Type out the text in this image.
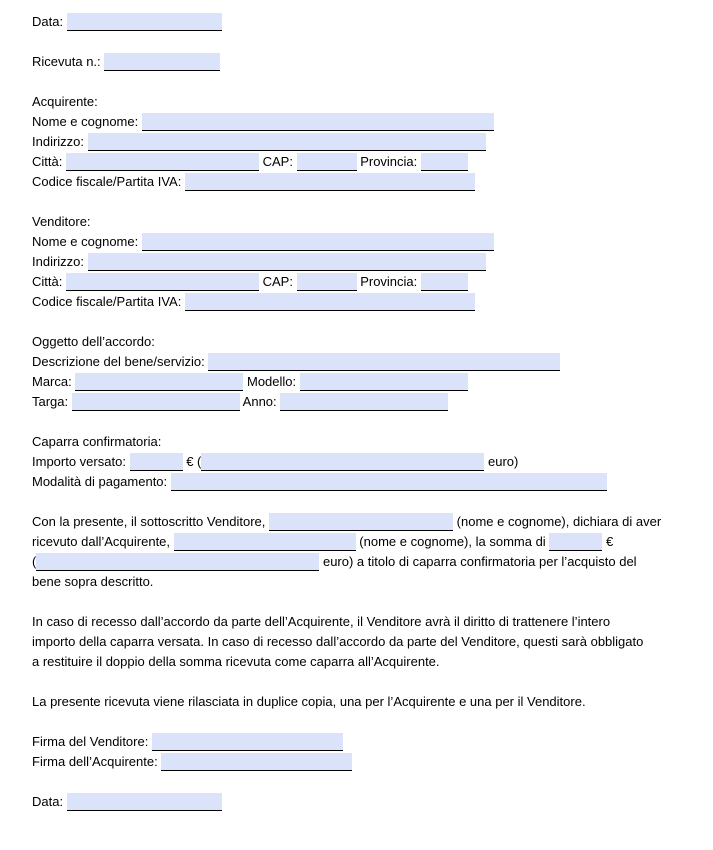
Data:
Ricevuta n.:
Acquirente:
Nome e cognome:
Indirizzo:
Città:	CAP:	Provincia:
Codice fiscale/Partita IVA:
Venditore:
Nome e cognome:
Indirizzo:
Città:	CAP:	Provincia:
Codice fiscale/Partita IVA:
Oggetto dell’accordo:
Descrizione del bene/servizio:
Marca:	Modello:
Targa:	Anno:
Caparra confirmatoria:
Importo versato:	€ (	euro)
Modalità di pagamento:
Con la presente, il sottoscritto Venditore,	(nome e cognome), dichiara di aver
ricevuto dall’Acquirente,	(nome e cognome), la somma di	€
(	euro) a titolo di caparra confirmatoria per l’acquisto del
bene sopra descritto.
In caso di recesso dall’accordo da parte dell’Acquirente, il Venditore avrà il diritto di trattenere l’intero
importo della caparra versata. In caso di recesso dall’accordo da parte del Venditore, questi sarà obbligato
a restituire il doppio della somma ricevuta come caparra all’Acquirente.
La presente ricevuta viene rilasciata in duplice copia, una per l’Acquirente e una per il Venditore.
Firma del Venditore:
Firma dell’Acquirente:
Data:
